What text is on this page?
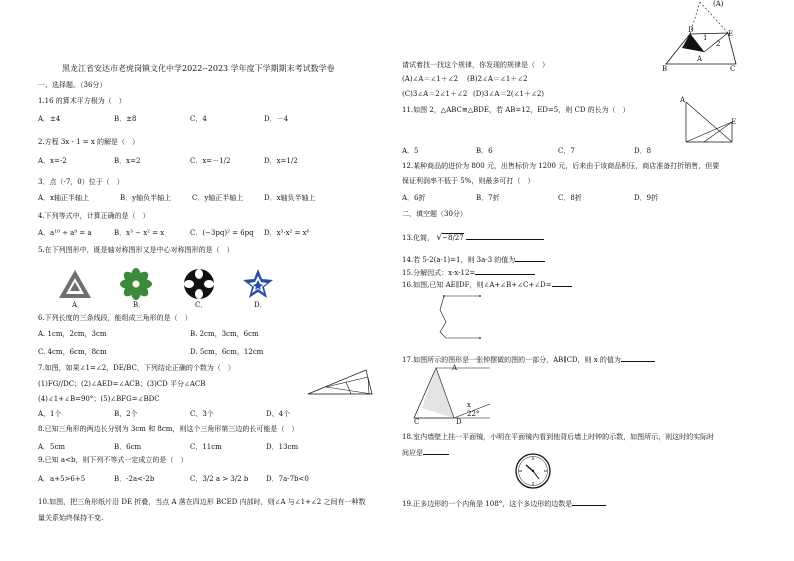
黑龙江省安达市老虎岗镇文化中学2022--2023 学年度下学期期末考试数学卷
一、选择题。（36分）
1.16 的算术平方根为（　）
A．±4	B．±8	C．4	D．－4
2.方程 3x - 1 = x 的解是（　）
A．x=-2	B．x=2	C．x=－1/2	D．x=1/2
3．点（-7，0）位于（　）
A．x轴正半轴上	B．y轴负半轴上	C．y轴正半轴上	D．x轴负半轴上
4.下列等式中，计算正确的是（　）
A．a¹⁰ ÷ a⁹ = a	B．x³ − x² = x	C．(−3pq)² = 6pq D．x³·x² = x⁶
5.在下列图形中，既是轴对称图形又是中心对称图形的是（　）
A．	B．	C．	D．
6.下列长度的三条线段，能组成三角形的是（　）
A. 1cm，2cm，3cm	B. 2cm，3cm，6cm
C. 4cm，6cm，8cm	D. 5cm，6cm，12cm
7.如图，如果∠1=∠2，DE/BC，下列结论正确的个数为（　）
(1)FG//DC；(2)∠AED=∠ACB；(3)CD 平分∠ACB
(4)∠1+∠B=90°；(5)∠BFG=∠BDC
A、1个	B、2个	C、3个	D、4个
8.已知三角形的两边长分别为 3cm 和 8cm，则这个三角形第三边的长可能是（　）
A．5cm	B．6cm	C．11cm	D．13cm
9.已知 a<b，则下列不等式一定成立的是（　）
A．a+5>6+5	B．-2a<-2b	C．3/2 a > 3/2 b	D．7a-7b<0
10.如图，把三角形纸片沿 DE 折叠，当点 A 落在四边形 BCED 内部时，则∠A 与∠1+∠2 之间有一种数
量关系始终保持不变.
(A)
D	E
1
2
A
B	C
请试着找一找这个规律，你发现的规律是（　）
(A)∠A＝∠1＋∠2 (B)2∠A＝∠1＋∠2
(C)3∠A＝2∠1＋∠2 (D)3∠A＝2(∠1＋∠2)
11.如图 2，△ABC≌△BDE，若 AB=12，ED=5，则 CD 的长为（　）
A．5	B．6	C．7	D．8
A
E
12.某种商品的进价为 800 元，出售标价为 1200 元，后来由于该商品积压，商店准备打折销售，但要
保证利润率不低于 5%，则最多可打（　）
A．6折	B．7折	C．8折	D．9折
二、填空题（30分）
13.化简， √−8/27
14.若 5-2(a-1)=1，则 3a-3 的值为
15.分解因式：x-x-12=
16.如图,已知 AE∥DF，则∠A+∠B+∠C+∠D=
17.如图所示的图形是一张钟摆做的图的一部分，AB∥CD，则 x 的值为
A
x
22°
C	D
18.室内墙壁上挂一平面镜，小明在平面镜内看到他背后墙上时钟的示数，如图所示，则这时的实际时
间应是
19.正多边形的一个内角是 108°，这个多边形的边数是
